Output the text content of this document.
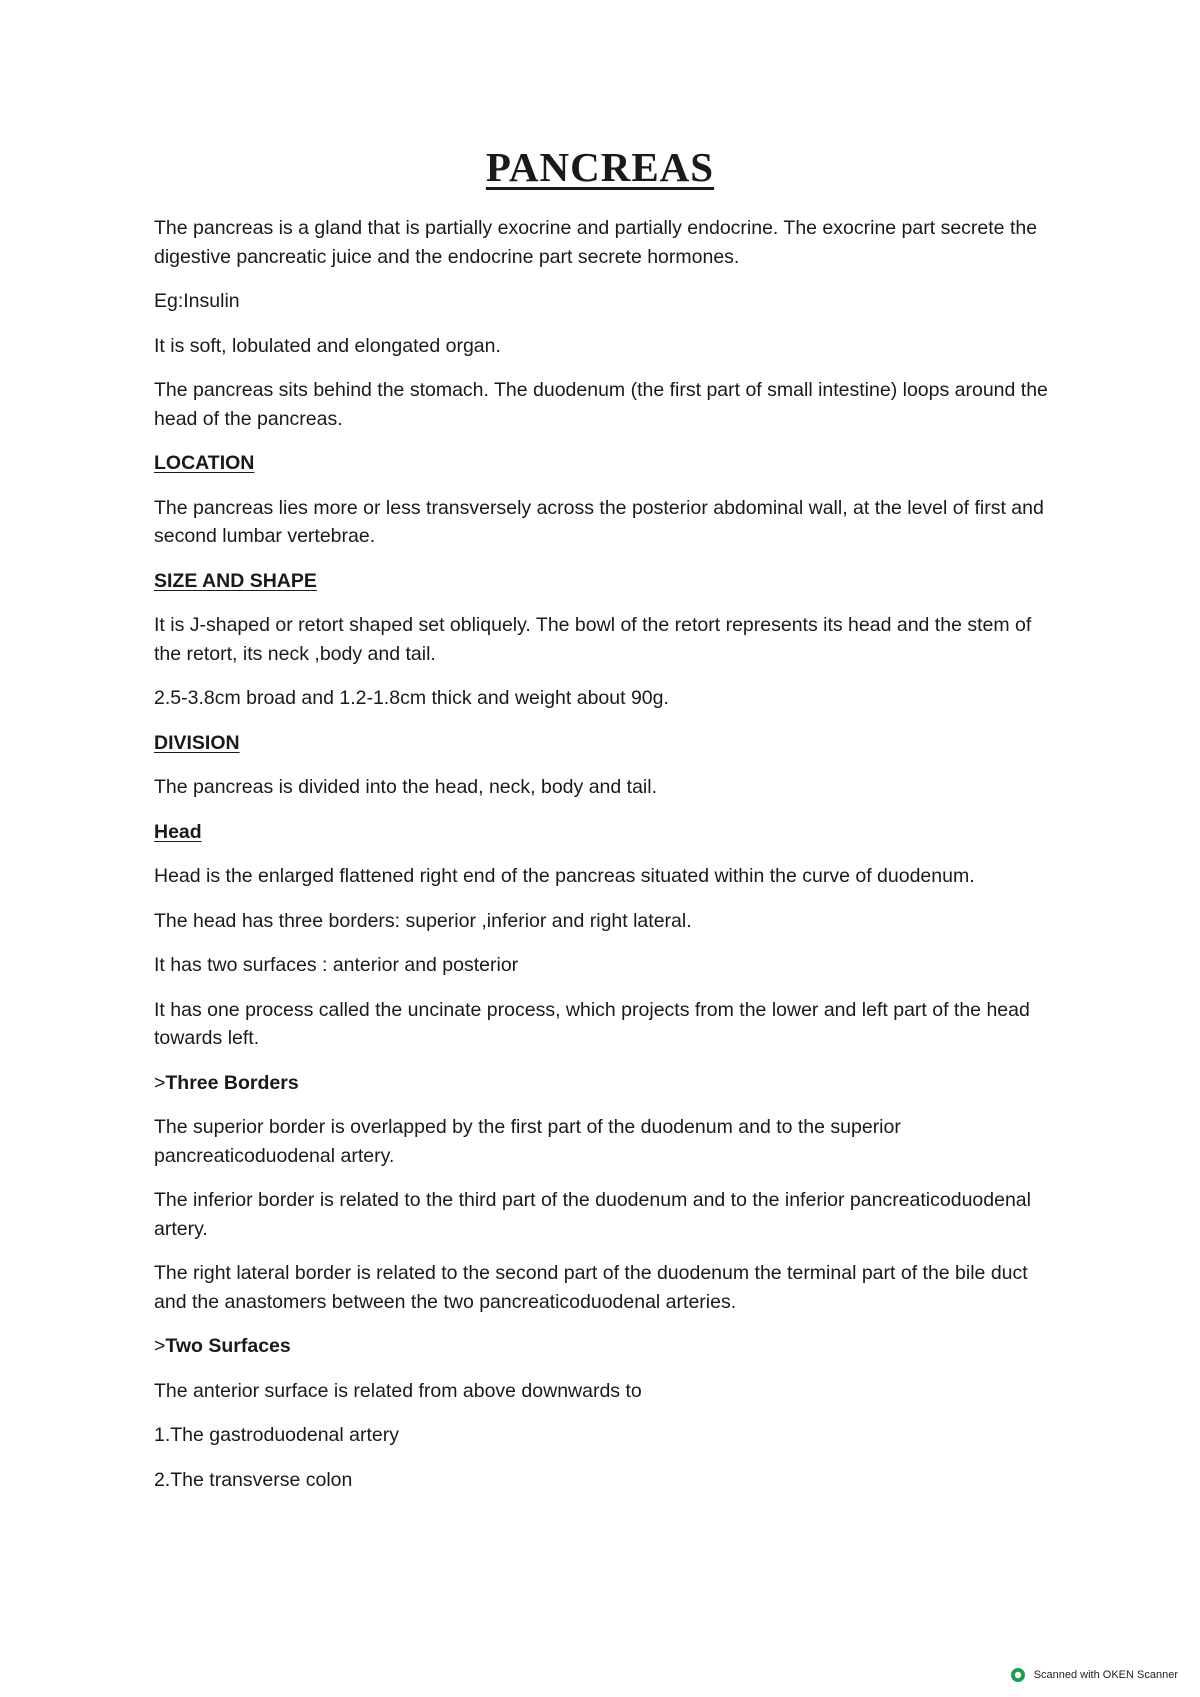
PANCREAS

The pancreas is a gland that is partially exocrine and partially endocrine. The exocrine part secrete the digestive pancreatic juice and the endocrine part secrete hormones.

Eg:Insulin

It is soft, lobulated and elongated organ.

The pancreas sits behind the stomach. The duodenum (the first part of small intestine) loops around the head of the pancreas.

LOCATION

The pancreas lies more or less transversely across the posterior abdominal wall, at the level of first and second lumbar vertebrae.

SIZE AND SHAPE

It is J-shaped or retort shaped set obliquely. The bowl of the retort represents its head and the stem of the retort, its neck ,body and tail.

2.5-3.8cm broad and 1.2-1.8cm thick and weight about 90g.

DIVISION

The pancreas is divided into the head, neck, body and tail.

Head

Head is the enlarged flattened right end of the pancreas situated within the curve of duodenum.

The head has three borders: superior ,inferior and right lateral.

It has two surfaces : anterior and posterior

It has one process called the uncinate process, which projects from the lower and left part of the head towards left.

>Three Borders

The superior border is overlapped by the first part of the duodenum and to the superior pancreaticoduodenal artery.

The inferior border is related to the third part of the duodenum and to the inferior pancreaticoduodenal artery.

The right lateral border is related to the second part of the duodenum the terminal part of the bile duct and the anastomers between the two pancreaticoduodenal arteries.

>Two Surfaces

The anterior surface is related from above downwards to

1.The gastroduodenal artery

2.The transverse colon

Scanned with OKEN Scanner
